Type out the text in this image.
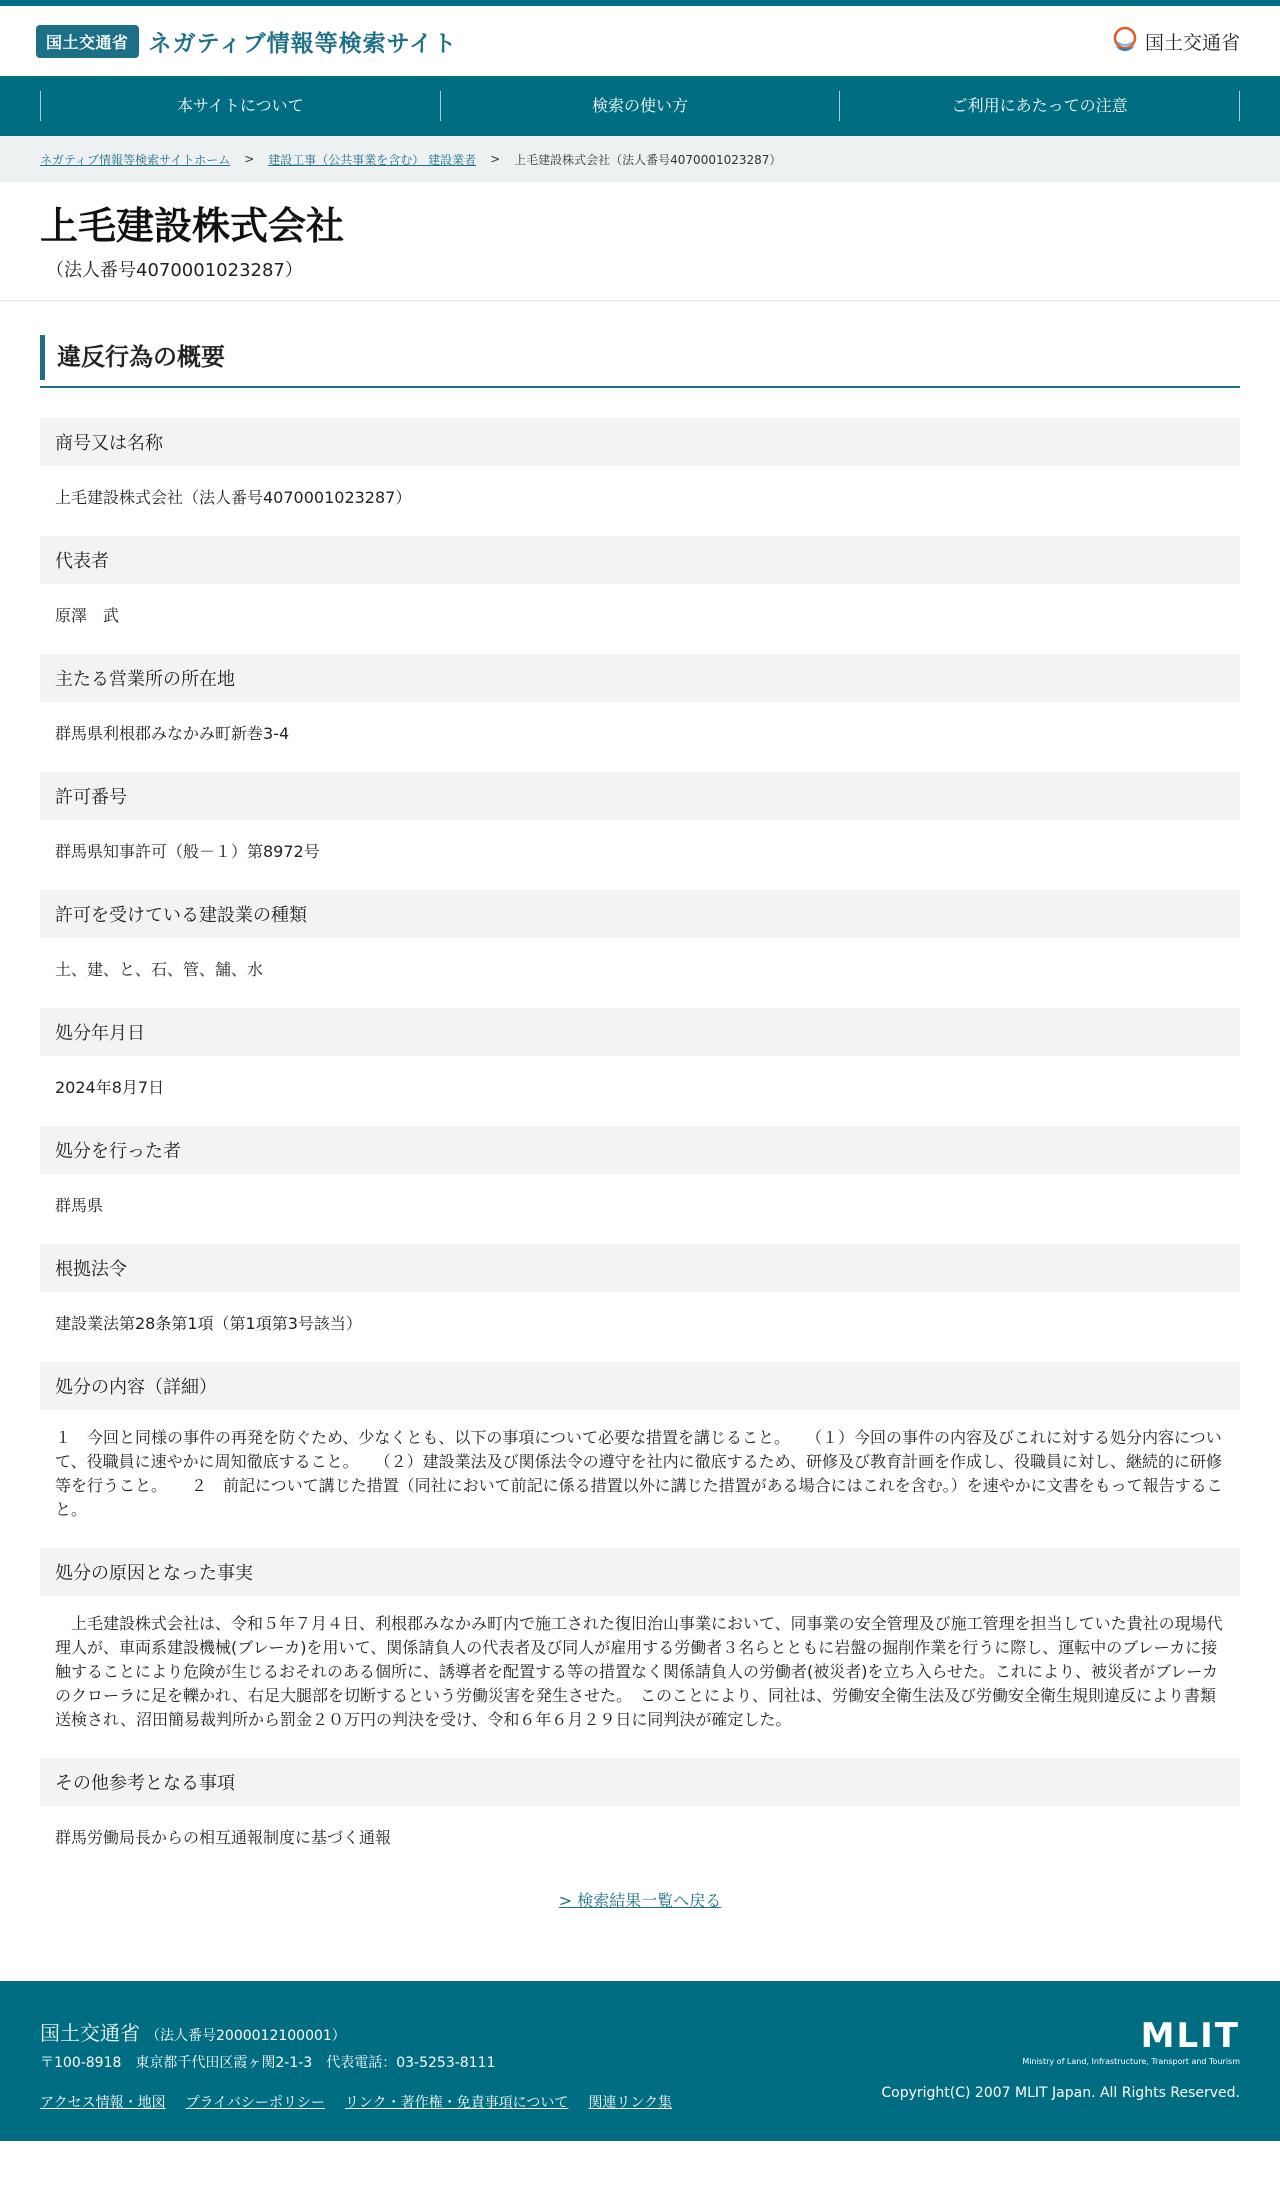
国土交通省 ネガティブ情報等検索サイト	国土交通省
本サイトについて	検索の使い方	ご利用にあたっての注意
ネガティブ情報等検索サイトホーム > 建設工事（公共事業を含む） 建設業者 > 上毛建設株式会社（法人番号4070001023287）
上毛建設株式会社
（法人番号4070001023287）
違反行為の概要
商号又は名称
上毛建設株式会社（法人番号4070001023287）
代表者
原澤　武
主たる営業所の所在地
群馬県利根郡みなかみ町新巻3-4
許可番号
群馬県知事許可（般－１）第8972号
許可を受けている建設業の種類
土、建、と、石、管、舗、水
処分年月日
2024年8月7日
処分を行った者
群馬県
根拠法令
建設業法第28条第1項（第1項第3号該当）
処分の内容（詳細）
１　今回と同様の事件の再発を防ぐため、少なくとも、以下の事項について必要な措置を講じること。　　（１）今回の事件の内容及びこれに対する処分内容について、役職員に速やかに周知徹底すること。　　（２）建設業法及び関係法令の遵守を社内に徹底するため、研修及び教育計画を作成し、役職員に対し、継続的に研修等を行うこと。　　２　前記について講じた措置（同社において前記に係る措置以外に講じた措置がある場合にはこれを含む。）を速やかに文書をもって報告すること。
処分の原因となった事実
　上毛建設株式会社は、令和５年７月４日、利根郡みなかみ町内で施工された復旧治山事業において、同事業の安全管理及び施工管理を担当していた貴社の現場代理人が、車両系建設機械(ブレーカ)を用いて、関係請負人の代表者及び同人が雇用する労働者３名らとともに岩盤の掘削作業を行うに際し、運転中のブレーカに接触することにより危険が生じるおそれのある個所に、誘導者を配置する等の措置なく関係請負人の労働者(被災者)を立ち入らせた。これにより、被災者がブレーカのクローラに足を轢かれ、右足大腿部を切断するという労働災害を発生させた。　このことにより、同社は、労働安全衛生法及び労働安全衛生規則違反により書類送検され、沼田簡易裁判所から罰金２０万円の判決を受け、令和６年６月２９日に同判決が確定した。
その他参考となる事項
群馬労働局長からの相互通報制度に基づく通報
> 検索結果一覧へ戻る
国土交通省 （法人番号2000012100001）
〒100-8918　東京都千代田区霞ヶ関2-1-3　代表電話：03-5253-8111
アクセス情報・地図 プライバシーポリシー リンク・著作権・免責事項について 関連リンク集
MLIT
Ministry of Land, Infrastructure, Transport and Tourism
Copyright(C) 2007 MLIT Japan. All Rights Reserved.
